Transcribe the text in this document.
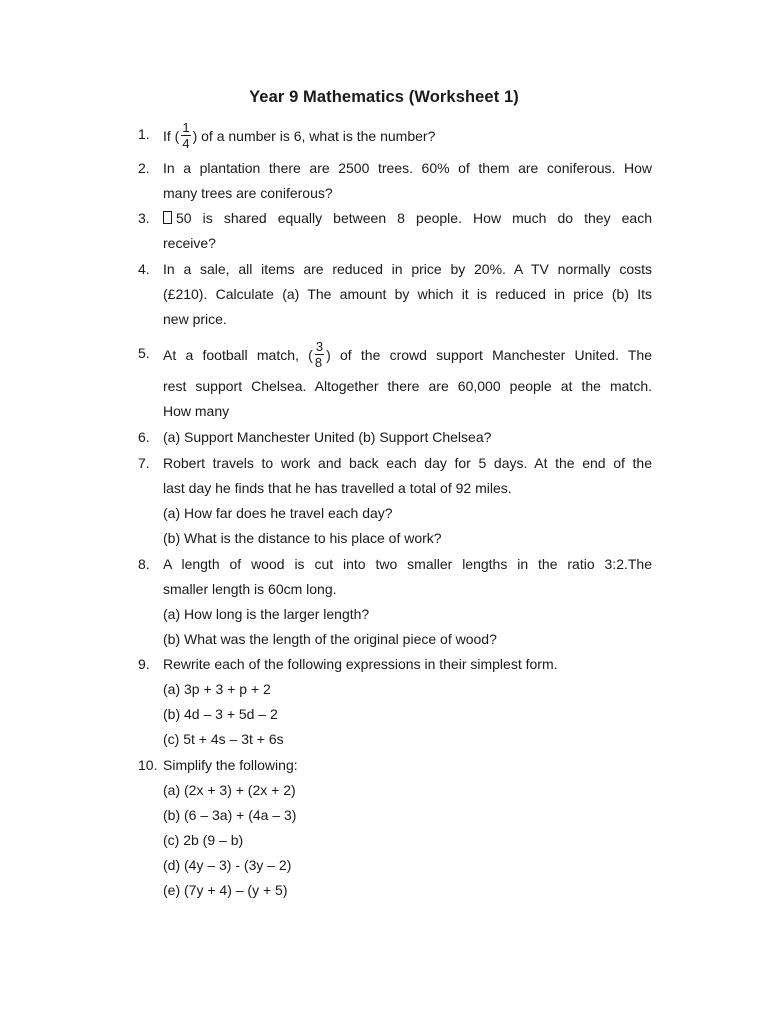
Year 9 Mathematics (Worksheet 1)
1. If ( $\frac{1}{4}$ ) of a number is 6, what is the number?
2. In a plantation there are 2500 trees. 60% of them are coniferous. How
many trees are coniferous?
3.	50 is shared equally between 8 people. How much do they each
receive?
4. In a sale, all items are reduced in price by 20%. A TV normally costs
(£210). Calculate (a) The amount by which it is reduced in price (b) Its
new price.
5. At a football match, ( $\frac{3}{8}$ ) of the crowd support Manchester United. The
rest support Chelsea. Altogether there are 60,000 people at the match.
How many
6. (a) Support Manchester United (b) Support Chelsea?
7. Robert travels to work and back each day for 5 days. At the end of the
last day he finds that he has travelled a total of 92 miles.
(a) How far does he travel each day?
(b) What is the distance to his place of work?
8. A length of wood is cut into two smaller lengths in the ratio 3:2.The
smaller length is 60cm long.
(a) How long is the larger length?
(b) What was the length of the original piece of wood?
9. Rewrite each of the following expressions in their simplest form.
(a) 3p + 3 + p + 2
(b) 4d – 3 + 5d – 2
(c) 5t + 4s – 3t + 6s
10. Simplify the following:
(a) (2x + 3) + (2x + 2)
(b) (6 – 3a) + (4a – 3)
(c) 2b (9 – b)
(d) (4y – 3) - (3y – 2)
(e) (7y + 4) – (y + 5)
